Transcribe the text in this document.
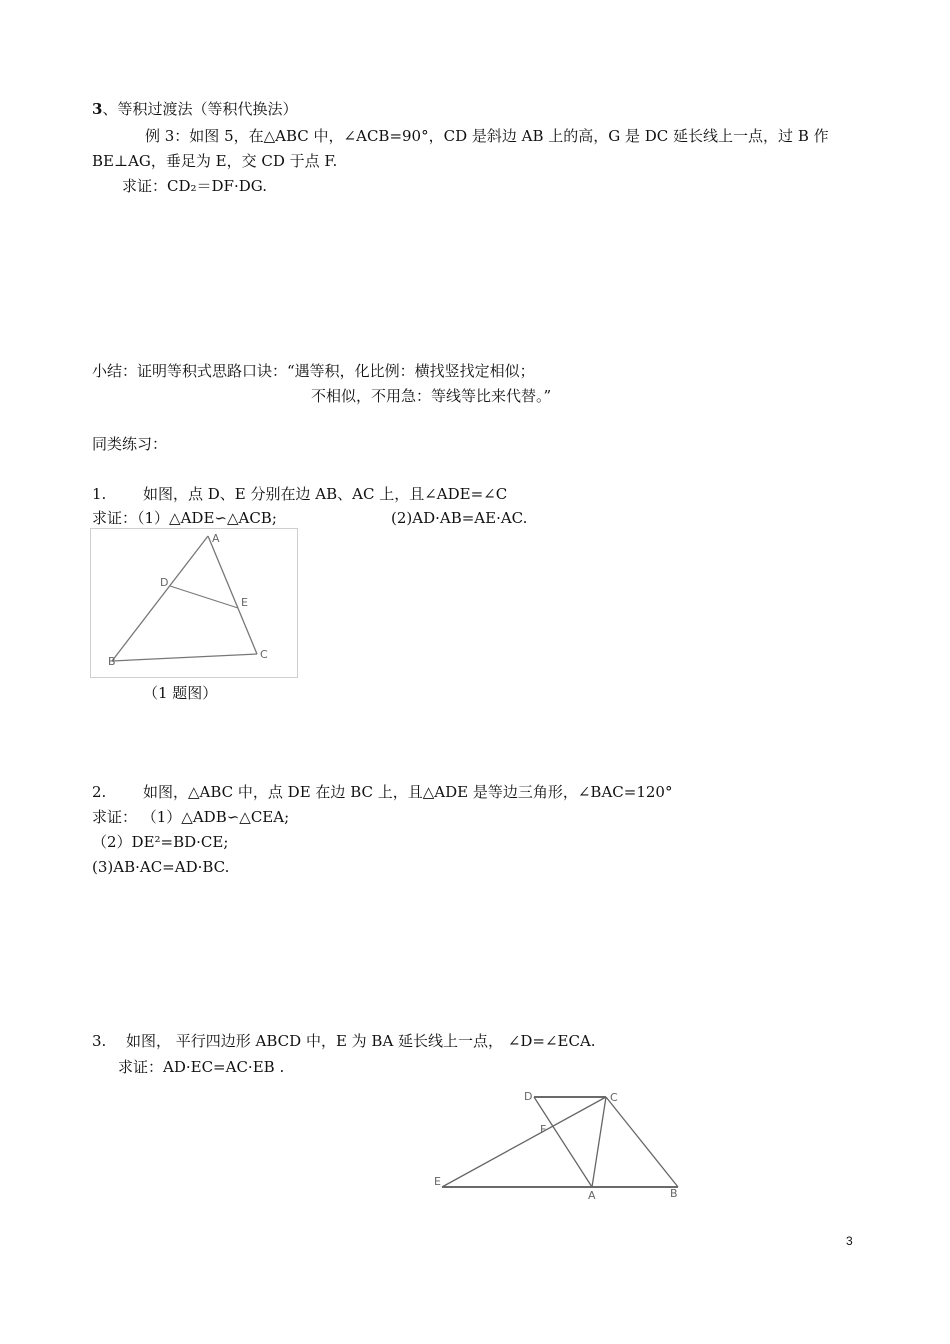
3、等积过渡法（等积代换法）
例 3：如图 5，在△ABC 中，∠ACB=90°，CD 是斜边 AB 上的高，G 是 DC 延长线上一点，过 B 作
BE⊥AG，垂足为 E，交 CD 于点 F.
求证：CD₂＝DF·DG.
小结：证明等积式思路口诀：“遇等积，化比例：横找竖找定相似；
不相似，不用急：等线等比来代替。”
同类练习：
1. 如图，点 D、E 分别在边 AB、AC 上，且∠ADE=∠C
求证：（1）△ADE∽△ACB;	(2)AD·AB=AE·AC.
A
B
C
D
E
（1 题图）
2. 如图，△ABC 中，点 DE 在边 BC 上，且△ADE 是等边三角形，∠BAC=120°
求证： （1）△ADB∽△CEA;
（2）DE²=BD·CE;
(3)AB·AC=AD·BC.
3. 如图， 平行四边形 ABCD 中，E 为 BA 延长线上一点， ∠D=∠ECA.
求证：AD·EC=AC·EB .
D	C
F
E
A	B
3
